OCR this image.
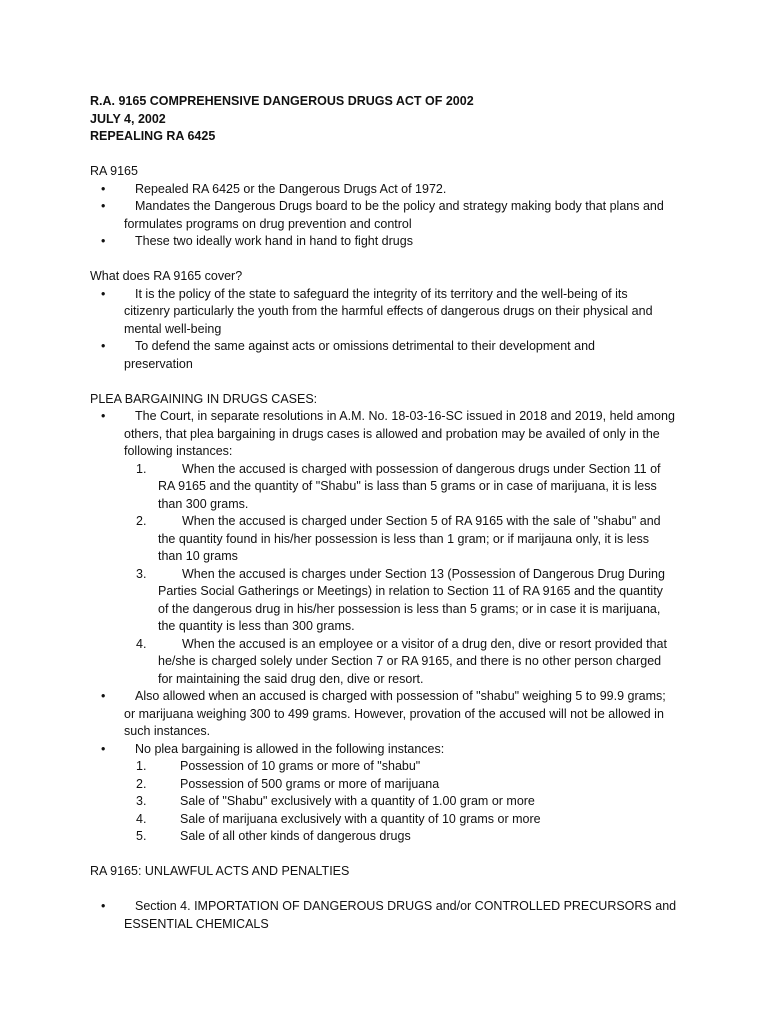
R.A. 9165 COMPREHENSIVE DANGEROUS DRUGS ACT OF 2002
JULY 4, 2002
REPEALING RA 6425
RA 9165
•	Repealed RA 6425 or the Dangerous Drugs Act of 1972.
•	Mandates the Dangerous Drugs board to be the policy and strategy making body that plans and
formulates programs on drug prevention and control
•	These two ideally work hand in hand to fight drugs
What does RA 9165 cover?
•	It is the policy of the state to safeguard the integrity of its territory and the well-being of its
citizenry particularly the youth from the harmful effects of dangerous drugs on their physical and
mental well-being
•	To defend the same against acts or omissions detrimental to their development and
preservation
PLEA BARGAINING IN DRUGS CASES:
•	The Court, in separate resolutions in A.M. No. 18-03-16-SC issued in 2018 and 2019, held among
others, that plea bargaining in drugs cases is allowed and probation may be availed of only in the
following instances:
1.	When the accused is charged with possession of dangerous drugs under Section 11 of
RA 9165 and the quantity of "Shabu" is lass than 5 grams or in case of marijuana, it is less
than 300 grams.
2.	When the accused is charged under Section 5 of RA 9165 with the sale of "shabu" and
the quantity found in his/her possession is less than 1 gram; or if marijauna only, it is less
than 10 grams
3.	When the accused is charges under Section 13 (Possession of Dangerous Drug During
Parties Social Gatherings or Meetings) in relation to Section 11 of RA 9165 and the quantity
of the dangerous drug in his/her possession is less than 5 grams; or in case it is marijuana,
the quantity is less than 300 grams.
4.	When the accused is an employee or a visitor of a drug den, dive or resort provided that
he/she is charged solely under Section 7 or RA 9165, and there is no other person charged
for maintaining the said drug den, dive or resort.
•	Also allowed when an accused is charged with possession of "shabu" weighing 5 to 99.9 grams;
or marijuana weighing 300 to 499 grams. However, provation of the accused will not be allowed in
such instances.
•	No plea bargaining is allowed in the following instances:
1.	Possession of 10 grams or more of "shabu"
2.	Possession of 500 grams or more of marijuana
3.	Sale of "Shabu" exclusively with a quantity of 1.00 gram or more
4.	Sale of marijuana exclusively with a quantity of 10 grams or more
5.	Sale of all other kinds of dangerous drugs
RA 9165: UNLAWFUL ACTS AND PENALTIES
•	Section 4. IMPORTATION OF DANGEROUS DRUGS and/or CONTROLLED PRECURSORS and
ESSENTIAL CHEMICALS
